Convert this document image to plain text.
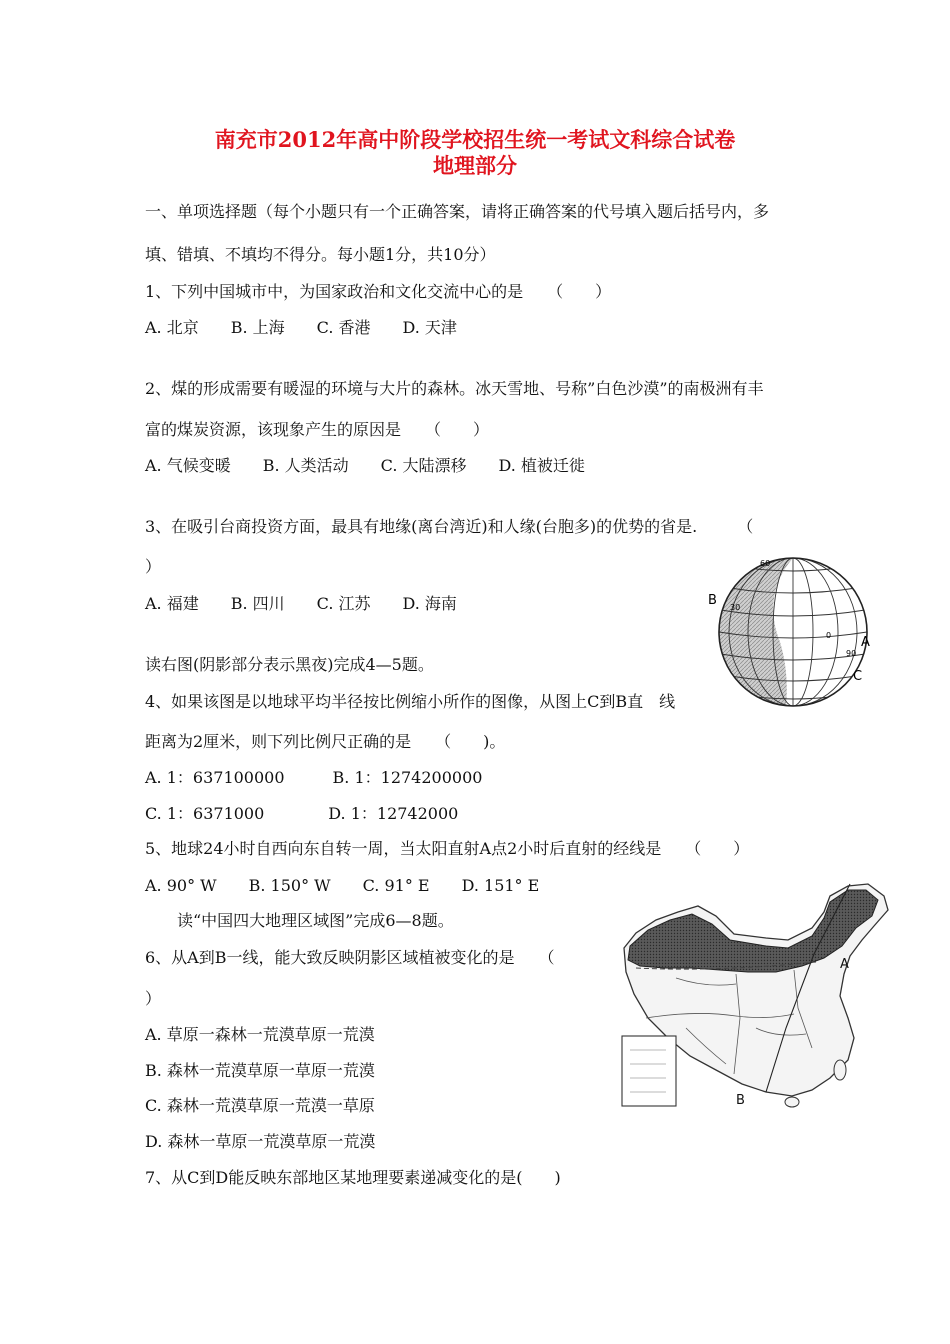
南充市2012年高中阶段学校招生统一考试文科综合试卷
地理部分

一、单项选择题（每个小题只有一个正确答案，请将正确答案的代号填入题后括号内，多

填、错填、不填均不得分。每小题1分，共10分）

1、下列中国城市中，为国家政治和文化交流中心的是　　（　　）

A. 北京　　B. 上海　　C. 香港　　D. 天津

2、煤的形成需要有暖湿的环境与大片的森林。冰天雪地、号称”白色沙漠”的南极洲有丰

富的煤炭资源，该现象产生的原因是　　（　　）

A. 气候变暖　　B. 人类活动　　C. 大陆漂移　　D. 植被迁徙

3、在吸引台商投资方面，最具有地缘(离台湾近)和人缘(台胞多)的优势的省是.　　　（

）

A. 福建　　B. 四川　　C. 江苏　　D. 海南

读右图(阴影部分表示黑夜)完成4—5题。

B
A
C
60
30
0
90

4、如果该图是以地球平均半径按比例缩小所作的图像，从图上C到B直　线

距离为2厘米，则下列比例尺正确的是　　（　　)。

A. 1：637100000　　　B. 1：1274200000

C. 1：6371000　　　　D. 1：12742000

5、地球24小时自西向东自转一周，当太阳直射A点2小时后直射的经线是　　（　　）

A. 90° W　　B. 150° W　　C. 91° E　　D. 151° E

读“中国四大地理区域图”完成6—8题。

A
B

6、从A到B一线，能大致反映阴影区域植被变化的是　　（

）

A. 草原一森林一荒漠草原一荒漠

B. 森林一荒漠草原一草原一荒漠

C. 森林一荒漠草原一荒漠一草原

D. 森林一草原一荒漠草原一荒漠

7、从C到D能反映东部地区某地理要素递减变化的是(　　)
